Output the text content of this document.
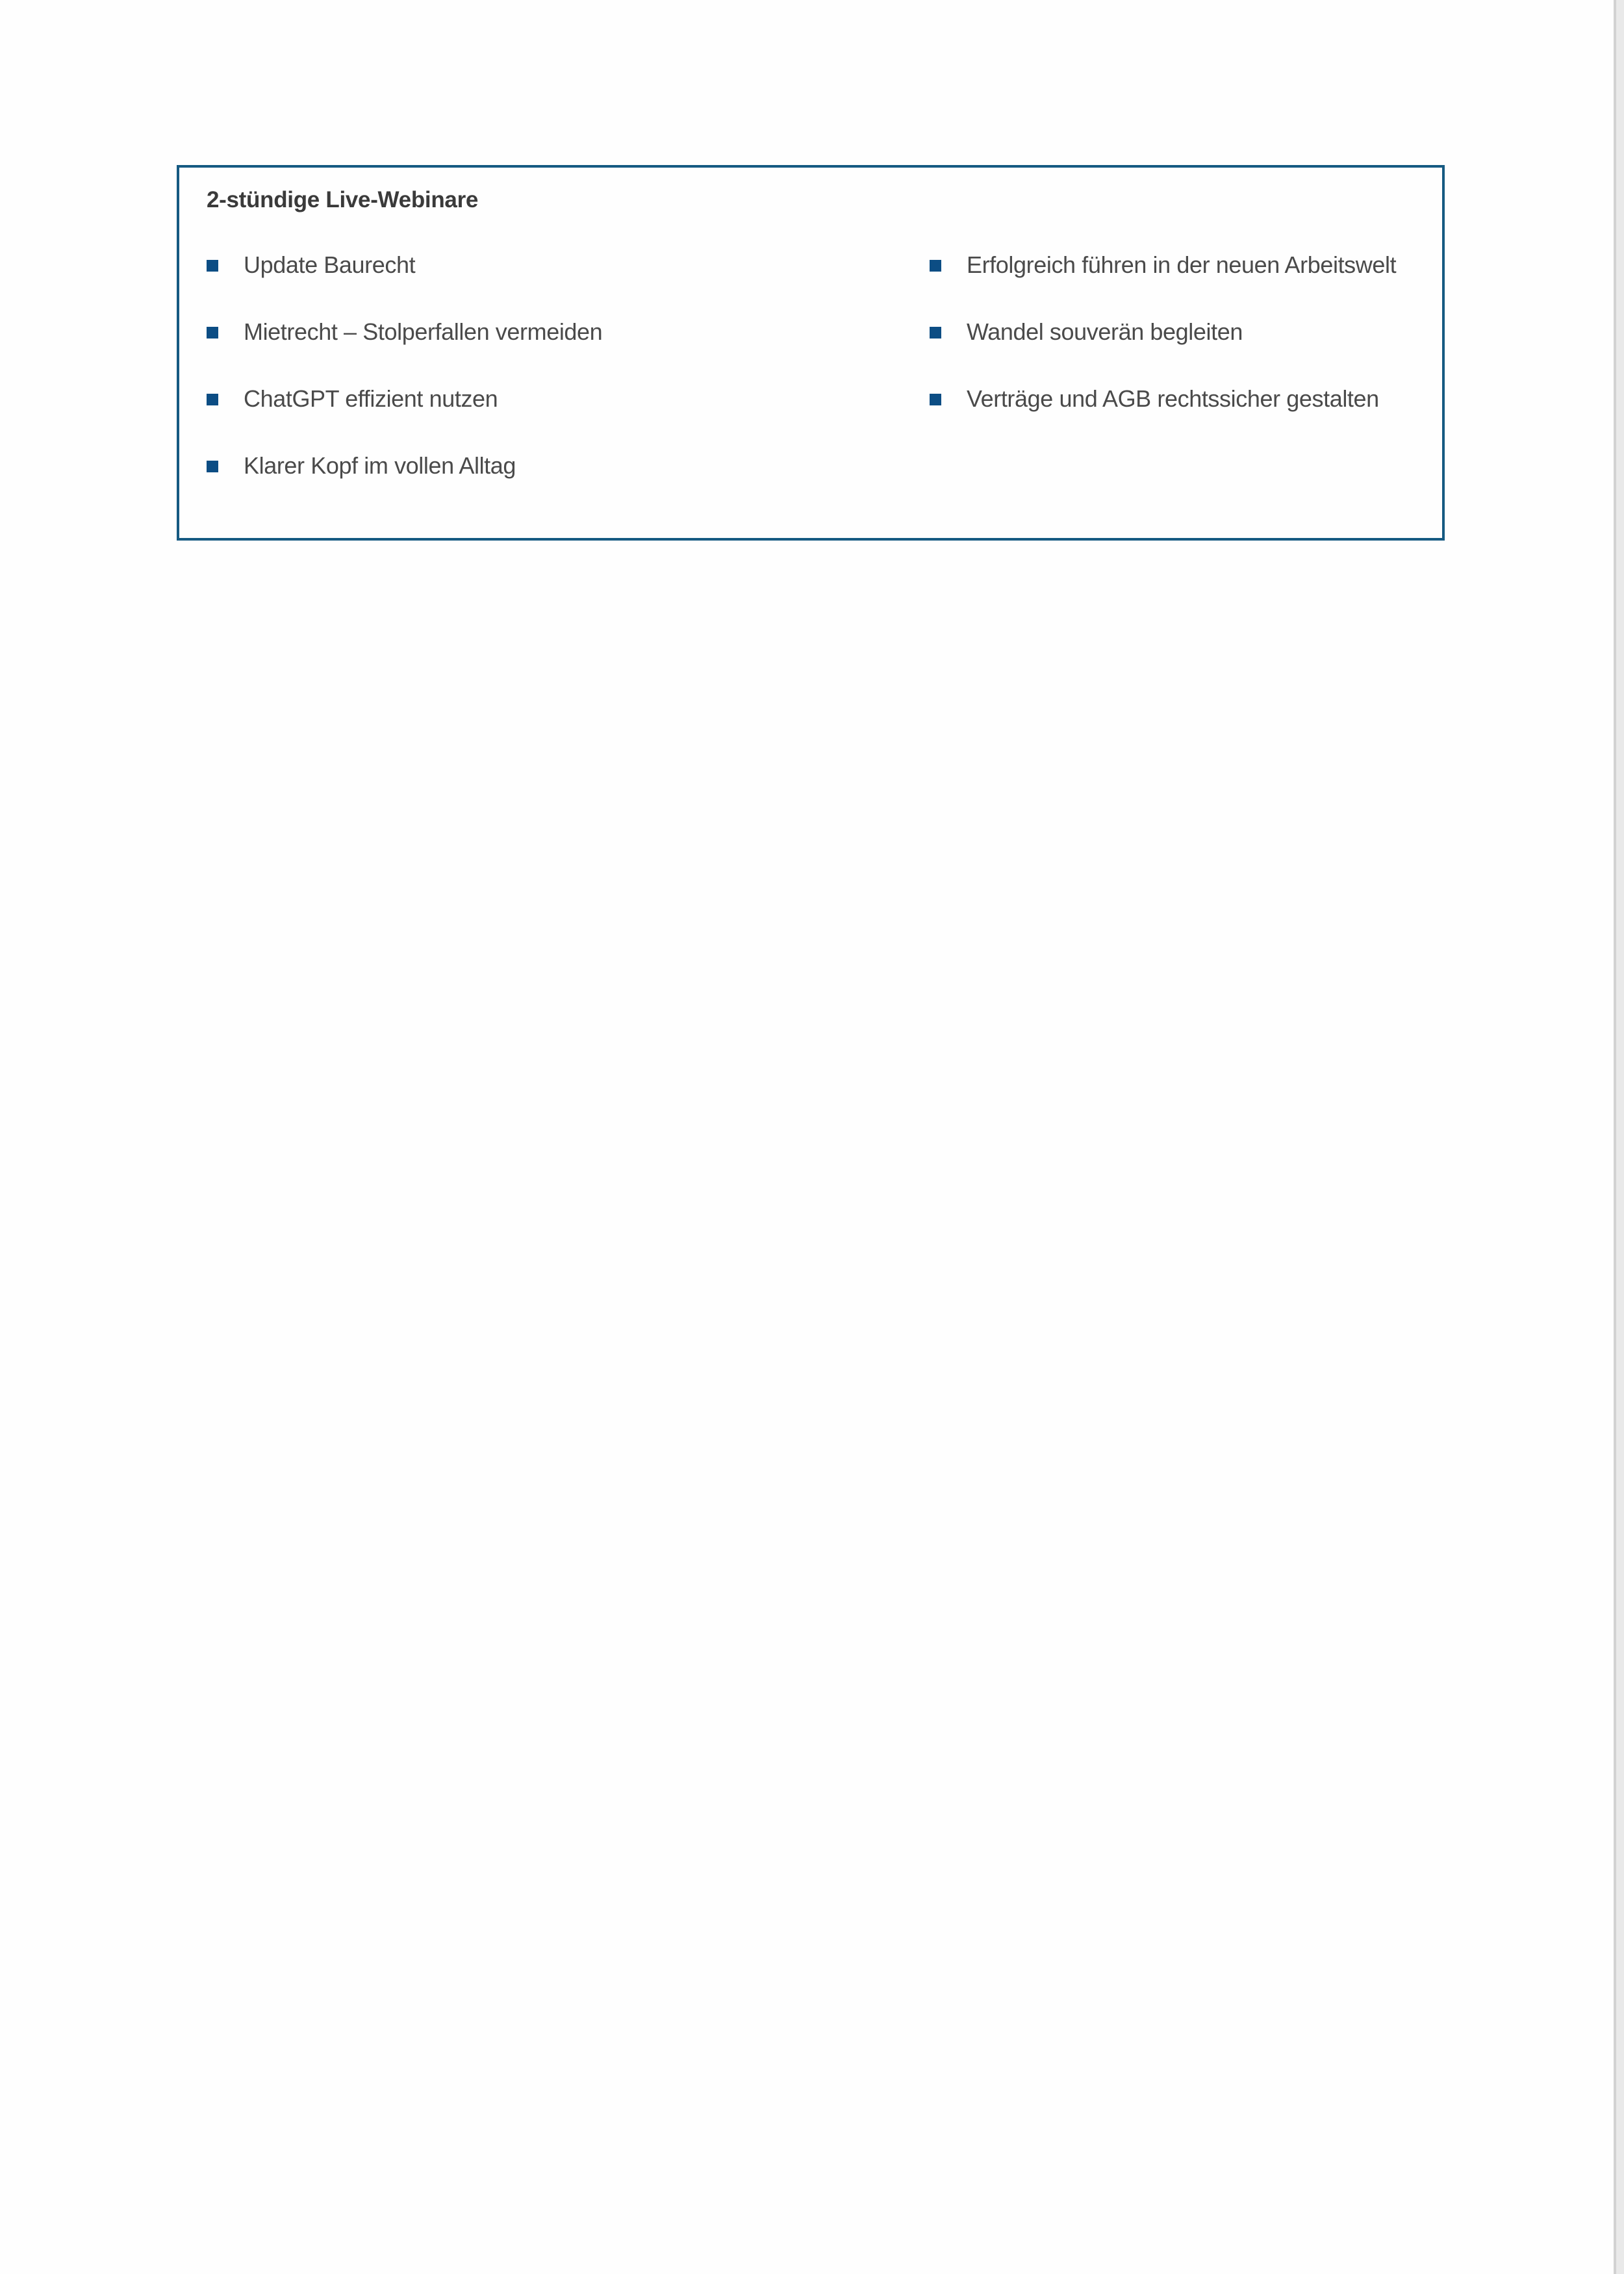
2-stündige Live-Webinare
Update Baurecht
Mietrecht – Stolperfallen vermeiden
ChatGPT effizient nutzen
Klarer Kopf im vollen Alltag
Erfolgreich führen in der neuen Arbeitswelt
Wandel souverän begleiten
Verträge und AGB rechtssicher gestalten
